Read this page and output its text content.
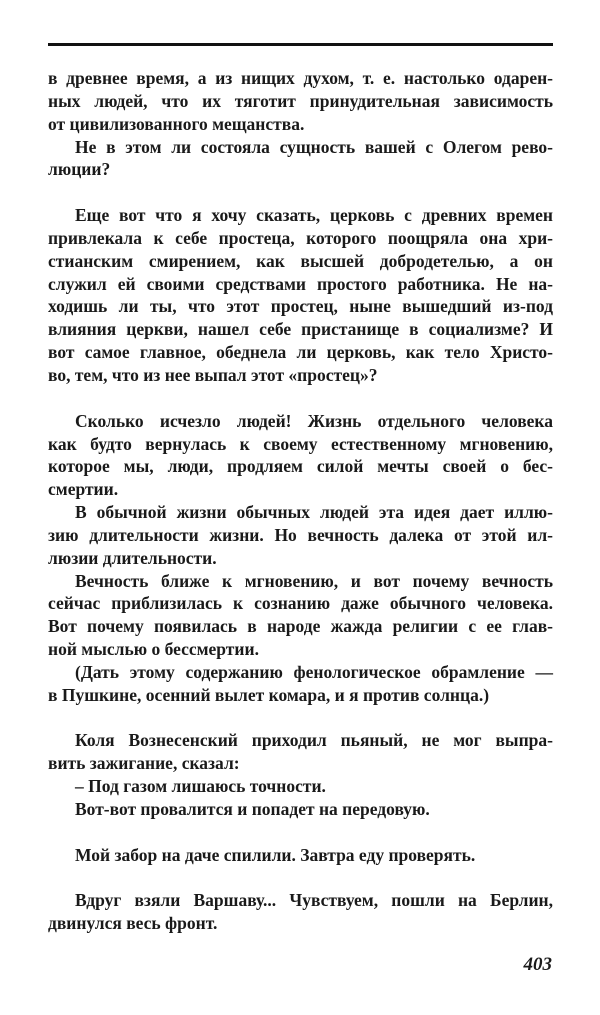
в древнее время, а из нищих духом, т. е. настолько одарен-
ных людей, что их тяготит принудительная зависимость
от цивилизованного мещанства.
Не в этом ли состояла сущность вашей с Олегом рево-
люции?
Еще вот что я хочу сказать, церковь с древних времен
привлекала к себе простеца, которого поощряла она хри-
стианским смирением, как высшей добродетелью, а он
служил ей своими средствами простого работника. Не на-
ходишь ли ты, что этот простец, ныне вышедший из-под
влияния церкви, нашел себе пристанище в социализме? И
вот самое главное, обеднела ли церковь, как тело Христо-
во, тем, что из нее выпал этот «простец»?
Сколько исчезло людей! Жизнь отдельного человека
как будто вернулась к своему естественному мгновению,
которое мы, люди, продляем силой мечты своей о бес-
смертии.
В обычной жизни обычных людей эта идея дает иллю-
зию длительности жизни. Но вечность далека от этой ил-
люзии длительности.
Вечность ближе к мгновению, и вот почему вечность
сейчас приблизилась к сознанию даже обычного человека.
Вот почему появилась в народе жажда религии с ее глав-
ной мыслью о бессмертии.
(Дать этому содержанию фенологическое обрамление —
в Пушкине, осенний вылет комара, и я против солнца.)
Коля Вознесенский приходил пьяный, не мог выпра-
вить зажигание, сказал:
– Под газом лишаюсь точности.
Вот-вот провалится и попадет на передовую.
Мой забор на даче спилили. Завтра еду проверять.
Вдруг взяли Варшаву... Чувствуем, пошли на Берлин,
двинулся весь фронт.
403
